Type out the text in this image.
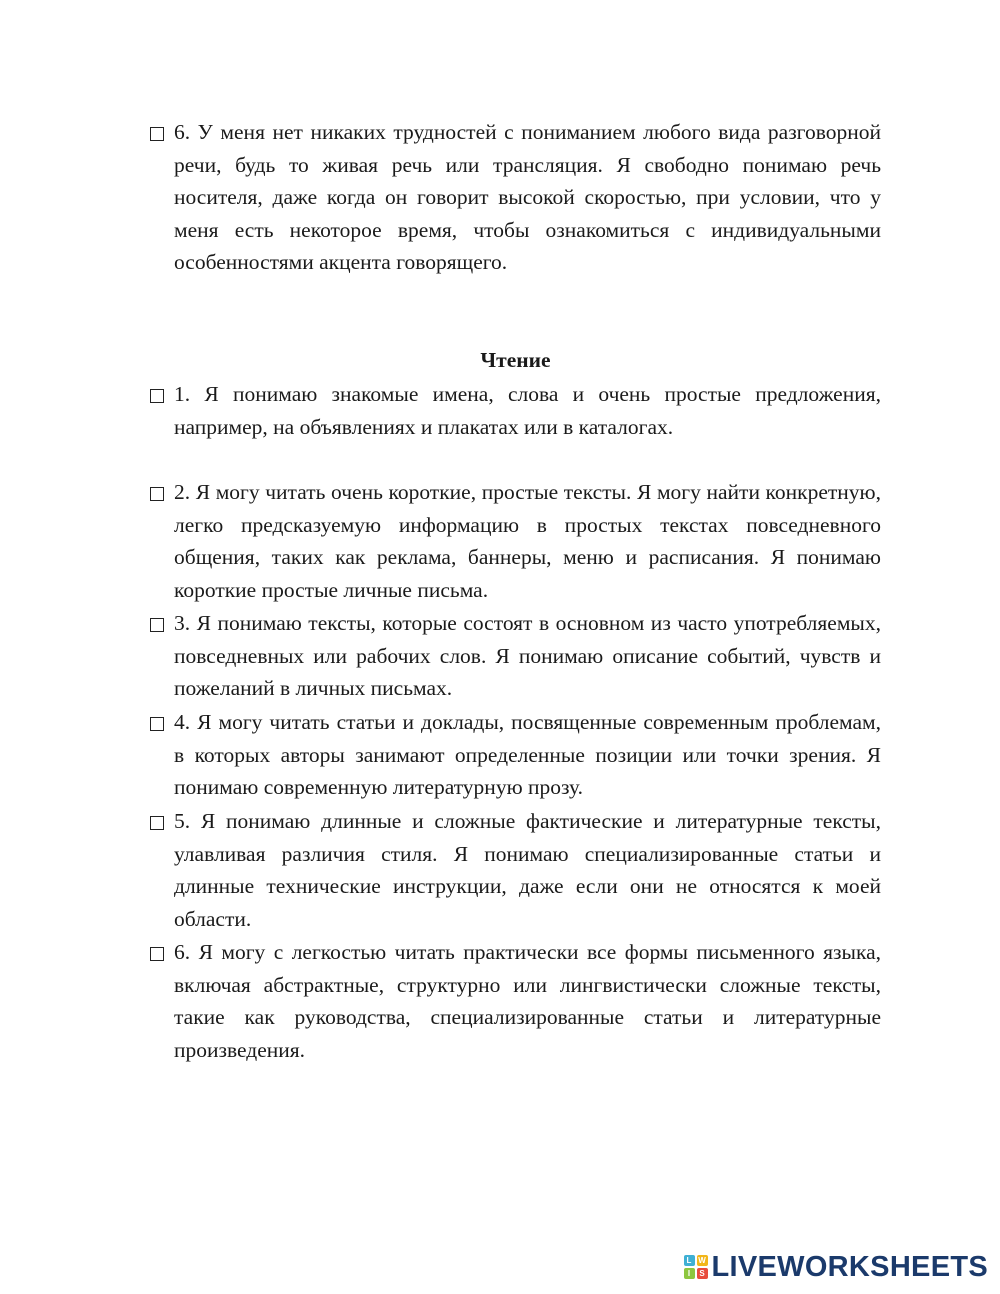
6. У меня нет никаких трудностей с пониманием любого вида разговорной речи, будь то живая речь или трансляция. Я свободно понимаю речь носителя, даже когда он говорит высокой скоростью, при условии, что у меня есть некоторое время, чтобы ознакомиться с индивидуальными особенностями акцента говорящего.
Чтение
1. Я понимаю знакомые имена, слова и очень простые предложения, например, на объявлениях и плакатах или в каталогах.
2. Я могу читать очень короткие, простые тексты. Я могу найти конкретную, легко предсказуемую информацию в простых текстах повседневного общения, таких как реклама, баннеры, меню и расписания. Я понимаю короткие простые личные письма.
3. Я понимаю тексты, которые состоят в основном из часто употребляемых, повседневных или рабочих слов. Я понимаю описание событий, чувств и пожеланий в личных письмах.
4. Я могу читать статьи и доклады, посвященные современным проблемам, в которых авторы занимают определенные позиции или точки зрения. Я понимаю современную литературную прозу.
5. Я понимаю длинные и сложные фактические и литературные тексты, улавливая различия стиля. Я понимаю специализированные статьи и длинные технические инструкции, даже если они не относятся к моей области.
6. Я могу с легкостью читать практически все формы письменного языка, включая абстрактные, структурно или лингвистически сложные тексты, такие как руководства, специализированные статьи и литературные произведения.
L W
I	S LIVEWORKSHEETS
